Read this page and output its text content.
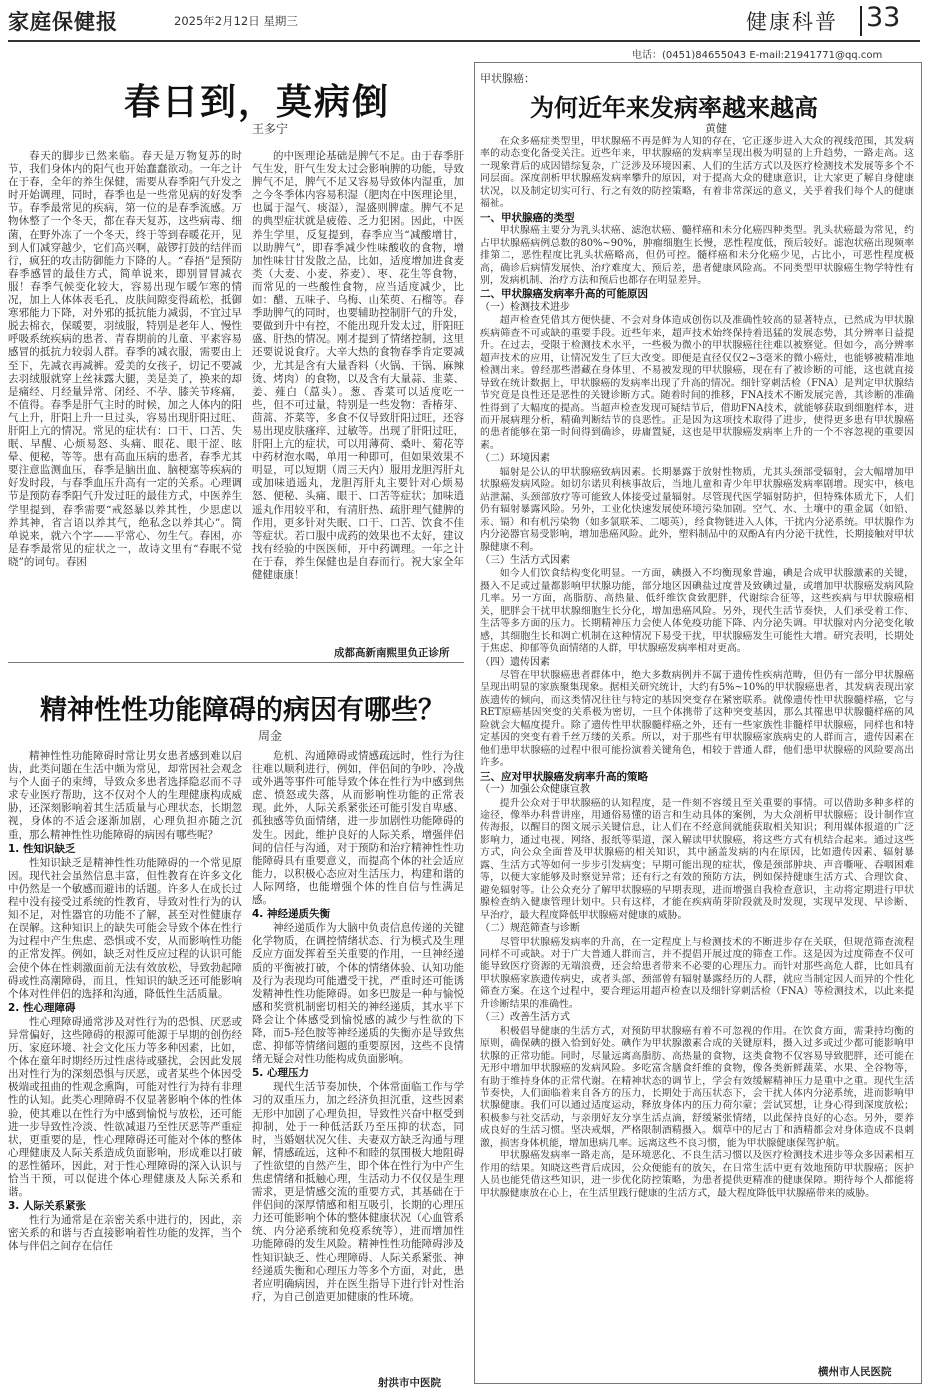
家庭保健报	2025年2月12日 星期三	健康科普 33
电话：(0451)84655043 E-mail:21941771@qq.com
春日到，莫病倒
王多宁

春天的脚步已然来临。春天是万物复苏的时节，我们身体内的阳气也开始蠢蠢欲动。一年之计在于春，全年的养生保健，需要从春季阳气升发之时开始调理，同时，春季也是一些常见病的好发季节。春季最常见的疾病，第一位的是春季流感。万物休整了一个冬天，都在春天复苏，这些病毒、细菌，在野外冻了一个冬天，终于等到春暖花开，见到人们减穿越少，它们高兴啊，敲锣打鼓的结伴而行，疯狂的攻击防御能力下降的人。“春捂”是预防春季感冒的最佳方式，简单说来，即别冒冒减衣服！春季气候变化较大，容易出现乍暖乍寒的情况，加上人体体表毛孔、皮肤间隙变得疏松，抵御寒邪能力下降，对外邪的抵抗能力减弱，不宜过早脱去棉衣，保暖要，羽绒服，特别是老年人、慢性呼吸系统疾病的患者、青春期前的儿童、平素容易感冒的抵抗力较弱人群。春季的减衣服，需要由上至下，先减衣再减裤。爱美的女孩子，切记不要减去羽绒服就穿上丝袜露大腿，美是美了，换来的却是痛经、月经量异常、闭经、不孕、膝关节疼痛，不值得。春季是肝气主时的时候，加之人体内的阳气上升，肝阳上升一旦过头，容易出现肝阳过旺、肝阳上亢的情况。常见的症状有：口干、口苦、失眠、早醒、心烦易怒、头痛、眼花、眼干涩、眩晕、便秘，等等。患有高血压病的患者，春季尤其要注意监测血压，春季是脑出血、脑梗塞等疾病的好发时段，与春季血压升高有一定的关系。心理调节是预防春季阳气升发过旺的最佳方式，中医养生学里提到，春季需要“戒怒暴以养其性，少思虑以养其神，省言语以养其气，绝私念以养其心”。简单说来，就六个字——平常心、勿生气。春困，亦是春季最常见的症状之一，故诗文里有“春眠不觉晓”的词句。春困

的中医理论基础是脾气不足。由于春季肝气生发，肝气生发太过会影响脾的功能，导致脾气不足，脾气不足又容易导致体内湿重，加之今冬季体内容易积湿（肥肉在中医理论里，也属于湿气、痰湿），湿盛则脾虚。脾气不足的典型症状就是疲倦、乏力犯困。因此，中医养生学里，反复提到，春季应当“减酸增甘，以助脾气”，即春季减少性味酸收的食物，增加性味甘甘发散之品，比如，适度增加进食麦类（大麦、小麦、荞麦）、枣、花生等食物，而常见的一些酸性食物，应当适度减少，比如：醋、五味子、乌梅、山茱萸、石榴等。春季助脾气的同时，也要辅助控制肝气的升发，要做到升中有控，不能出现升发太过，肝阳旺盛、肝热的情况。刚才提到了情绪控制，这里还要说说食疗。大辛大热的食物春季肯定要减少，尤其是含有大量香料（火锅、干锅、麻辣烫、烤肉）的食物，以及含有大量蒜、韭菜、姜、薤白（藠头）。葱、香菜可以适度吃一些，但不可过量，特别是一些发物：香椿芽、茴蒿、芥菜等，多食不仅导致肝阳过旺，还容易出现皮肤瘙痒、过敏等。出现了肝阳过旺，肝阳上亢的症状，可以用薄荷、桑叶、菊花等中药材泡水喝，单用一种即可，但如果效果不明显，可以短期（周三天内）服用龙胆泻肝丸或加味逍遥丸，龙胆泻肝丸主要针对心烦易怒、便秘、头痛、眼干、口苦等症状；加味逍遥丸作用较平和，有清肝热、疏肝理气健脾的作用，更多针对失眠、口干、口苦、饮食不佳等症状。若口服中成药的效果也不太好，建议找有经验的中医医师，开中药调理。一年之计在于春，养生保健也是自春而行。祝大家全年健健康康！

成都高新南熙里负正诊所
精神性性功能障碍的病因有哪些？
周金

精神性性功能障碍时常让男女患者感到难以启齿，此类问题在生活中颇为常见，却常因社会观念与个人面子的束缚，导致众多患者选择隐忍而不寻求专业医疗帮助，这不仅对个人的生理健康构成威胁，还深刻影响着其生活质量与心理状态，长期忽视，身体的不适会逐渐加剧，心理负担亦随之沉重，那么精神性性功能障碍的病因有哪些呢？

1. 性知识缺乏

性知识缺乏是精神性性功能障碍的一个常见原因。现代社会虽然信息丰富，但性教育在许多文化中仍然是一个敏感而避讳的话题。许多人在成长过程中没有接受过系统的性教育，导致对性行为的认知不足，对性器官的功能不了解，甚至对性健康存在误解。这种知识上的缺失可能会导致个体在性行为过程中产生焦虑、恐惧或不安，从而影响性功能的正常发挥。例如，缺乏对性反应过程的认识可能会使个体在性刺激面前无法有效放松，导致勃起障碍或性高潮障碍，而且，性知识的缺乏还可能影响个体对性伴侣的选择和沟通，降低性生活质量。

2. 性心理障碍

性心理障碍通常涉及对性行为的恐惧、厌恶或异常偏好，这些障碍的根源可能源于早期的创伤经历、家庭环境、社会文化压力等多种因素，比如，个体在童年时期经历过性虐待或骚扰，会因此发展出对性行为的深刻恐惧与厌恶，或者某些个体因受极端或扭曲的性观念熏陶，可能对性行为持有非理性的认知。此类心理障碍不仅显著影响个体的性体验，使其难以在性行为中感到愉悦与放松，还可能进一步导致性冷淡、性欲减退乃至性厌恶等严重症状，更重要的是，性心理障碍还可能对个体的整体心理健康及人际关系造成负面影响，形成难以打破的恶性循环，因此，对于性心理障碍的深入认识与恰当干预，可以促进个体心理健康及人际关系和谐。

3. 人际关系紧张

性行为通常是在亲密关系中进行的，因此，亲密关系的和谐与否直接影响着性功能的发挥，当个体与伴侣之间存在信任

危机、沟通障碍或情感疏远时，性行为往往难以顺利进行，例如，伴侣间的争吵、冷战或外遇等事件可能导致个体在性行为中感到焦虑、愤怒或失落，从而影响性功能的正常表现。此外，人际关系紧张还可能引发自卑感、孤独感等负面情绪，进一步加剧性功能障碍的发生。因此，维护良好的人际关系，增强伴侣间的信任与沟通，对于预防和治疗精神性性功能障碍具有重要意义，而提高个体的社会适应能力，以积极心态应对生活压力，构建和谐的人际网络，也能增强个体的性自信与性满足感。

4. 神经递质失衡

神经递质作为大脑中负责信息传递的关键化学物质，在调控情绪状态、行为模式及生理反应方面发挥着至关重要的作用，一旦神经递质的平衡被打破，个体的情绪体验、认知功能及行为表现均可能遭受干扰，严重时还可能诱发精神性性功能障碍。如多巴胺是一种与愉悦感和奖赏机制密切相关的神经递质，其水平下降会让个体感受到愉悦感的减少与性欲的下降，而5-羟色胺等神经递质的失衡亦是导致焦虑、抑郁等情绪问题的重要原因，这些不良情绪无疑会对性功能构成负面影响。

5. 心理压力

现代生活节奏加快，个体常面临工作与学习的双重压力，加之经济负担沉重，这些因素无形中加剧了心理负担，导致性兴奋中枢受到抑制，处于一种低活跃乃至压抑的状态，同时，当婚姻状况欠佳、夫妻双方缺乏沟通与理解，情感疏远，这种不和睦的氛围极大地阻碍了性欲望的自然产生，即个体在性行为中产生焦虑情绪和抵触心理，生活动力不仅仅是生理需求，更是情感交流的重要方式，其基础在于伴侣间的深厚情感和相互吸引，长期的心理压力还可能影响个体的整体健康状况（心血管系统、内分泌系统和免疫系统等），进而增加性功能障碍的发生风险。精神性性功能障碍涉及性知识缺乏、性心理障碍、人际关系紧张、神经递质失衡和心理压力等多个方面，对此，患者应明确病因，并在医生指导下进行针对性治疗，为自己创造更加健康的性环境。

射洪市中医院
甲状腺癌：
为何近年来发病率越来越高
黄健

在众多癌症类型里，甲状腺癌不再是鲜为人知的存在，它正逐步进入大众的视线范围，其发病率的动态变化备受关注。近些年来，甲状腺癌的发病率呈现出极为明显的上升趋势，一路走高。这一现象背后的成因错综复杂，广泛涉及环境因素、人们的生活方式以及医疗检测技术发展等多个不同层面。深度剖析甲状腺癌发病率攀升的原因，对于提高大众的健康意识，让大家更了解自身健康状况，以及制定切实可行、行之有效的防控策略，有着非常深远的意义，关乎着我们每个人的健康福祉。

一、甲状腺癌的类型

甲状腺癌主要分为乳头状癌、滤泡状癌、髓样癌和未分化癌四种类型。乳头状癌最为常见，约占甲状腺癌病例总数的80%~90%，肿瘤细胞生长慢，恶性程度低，预后较好。滤泡状癌出现频率排第二，恶性程度比乳头状癌略高，但仍可控。髓样癌和未分化癌少见，占比小，可恶性程度极高，确诊后病情发展快、治疗难度大、预后差，患者健康风险高。不同类型甲状腺癌生物学特性有别，发病机制、治疗方法和预后也都存在明显差异。

二、甲状腺癌发病率升高的可能原因
（一）检测技术进步

超声检查凭借其方便快捷、不会对身体造成创伤以及准确性较高的显著特点，已然成为甲状腺疾病筛查不可或缺的重要手段。近些年来，超声技术始终保持着迅猛的发展态势，其分辨率日益提升。在过去，受限于检测技术水平，一些极为微小的甲状腺癌往往难以被察觉。但如今，高分辨率超声技术的应用，让情况发生了巨大改变。即便是直径仅仅2~3毫米的微小癌灶，也能够被精准地检测出来。曾经那些潜藏在身体里、不易被发现的甲状腺癌，现在有了被诊断的可能，这也就直接导致在统计数据上，甲状腺癌的发病率出现了升高的情况。细针穿刺活检（FNA）是判定甲状腺结节究竟是良性还是恶性的关键诊断方式。随着时间的推移，FNA技术不断发展完善，其诊断的准确性得到了大幅度的提高。当超声检查发现可疑结节后，借助FNA技术，就能够获取到细胞样本，进而开展病理分析，精确判断结节的良恶性。正是因为这项技术取得了进步，使得更多患有甲状腺癌的患者能够在第一时间得到确诊，毋庸置疑，这也是甲状腺癌发病率上升的一个不容忽视的重要因素。

（二）环境因素

辐射是公认的甲状腺癌致病因素。长期暴露于放射性物质，尤其头颈部受辐射，会大幅增加甲状腺癌发病风险。如切尔诺贝利核事故后，当地儿童和青少年甲状腺癌发病率剧增。现实中，核电站泄漏、头颈部放疗等可能致人体接受过量辐射。尽管现代医学辐射防护，但特殊体质尤下，人们仍有辐射暴露风险。另外，工业化快速发展使环境污染加剧。空气、水、土壤中的重金属（如铅、汞、镉）和有机污染物（如多氯联苯、二噁英），经食物链进入人体，干扰内分泌系统。甲状腺作为内分泌器官易受影响，增加患癌风险。此外，塑料制品中的双酚A有内分泌干扰性，长期接触对甲状腺健康不利。

（三）生活方式因素

如今人们饮食结构变化明显。一方面，碘摄入不均衡现象普遍，碘是合成甲状腺激素的关键，摄入不足或过量都影响甲状腺功能，部分地区因碘盐过度普及致碘过量，或增加甲状腺癌发病风险几率。另一方面，高脂肪、高热量、低纤维饮食致肥胖，代谢综合征等，这些疾病与甲状腺癌相关，肥胖会干扰甲状腺细胞生长分化，增加患癌风险。另外，现代生活节奏快，人们承受着工作、生活等多方面的压力。长期精神压力会使人体免疫功能下降、内分泌失调。甲状腺对内分泌变化敏感，其细胞生长和凋亡机制在这种情况下易受干扰，甲状腺癌发生可能性大增。研究表明，长期处于焦虑、抑郁等负面情绪的人群，甲状腺癌发病率相对更高。

（四）遗传因素

尽管在甲状腺癌患者群体中，绝大多数病例并不属于遗传性疾病范畴，但仍有一部分甲状腺癌呈现出明显的家族聚集现象。据相关研究统计，大约有5%~10%的甲状腺癌患者，其发病表现出家族遗传的倾向，而这类情况往往与特定的基因突变存在紧密联系。就像遗传性甲状腺髓样癌，它与RET原癌基因突变的关系极为密切，一旦个体携带了这种突变基因，那么其罹患甲状腺髓样癌的风险就会大幅度提升。除了遗传性甲状腺髓样癌之外，还有一些家族性非髓样甲状腺癌，同样也和特定基因的突变有着千丝万缕的关系。所以，对于那些有甲状腺癌家族病史的人群而言，遗传因素在他们患甲状腺癌的过程中很可能扮演着关键角色，相较于普通人群，他们患甲状腺癌的风险要高出许多。

三、应对甲状腺癌发病率升高的策略
（一）加强公众健康宣教

提升公众对于甲状腺癌的认知程度，是一件刻不容缓且至关重要的事情。可以借助多种多样的途径，像举办科普讲座，用通俗易懂的语言和生动具体的案例，为大众剖析甲状腺癌；设计制作宣传海报，以醒目的图文展示关键信息，让人们在不经意间就能获取相关知识；利用媒体报道的广泛影响力，通过电视、网络、报纸等渠道，深入解读甲状腺癌，将这些方式有机结合起来。通过这些方式，向公众全面普及甲状腺癌的相关知识，其中涵盖发病的内在原因，比如遗传因素、辐射暴露、生活方式等如何一步步引发病变；早期可能出现的症状，像是颈部肿块、声音嘶哑、吞咽困难等，以便大家能够及时察觉异常；还有行之有效的预防方法，例如保持健康生活方式、合理饮食、避免辐射等。让公众充分了解甲状腺癌的早期表现，进而增强自我检查意识，主动将定期进行甲状腺检查纳入健康管理计划中。只有这样，才能在疾病萌芽阶段就及时发现，实现早发现、早诊断、早治疗，最大程度降低甲状腺癌对健康的威胁。

（二）规范筛查与诊断

尽管甲状腺癌发病率的升高，在一定程度上与检测技术的不断进步存在关联，但规范筛查流程同样不可或缺。对于广大普通人群而言，并不提倡开展过度的筛查工作。这是因为过度筛查不仅可能导致医疗资源的无端浪费，还会给患者带来不必要的心理压力。而针对那些高危人群，比如具有甲状腺癌家族遗传病史，或者头部、颈部曾有辐射暴露经历的人群，就应当制定因人而异的个性化筛查方案。在这个过程中，要合理运用超声检查以及细针穿刺活检（FNA）等检测技术，以此来提升诊断结果的准确性。

（三）改善生活方式

积极倡导健康的生活方式，对预防甲状腺癌有着不可忽视的作用。在饮食方面，需秉持均衡的原则，确保碘的摄入恰到好处。碘作为甲状腺激素合成的关键原料，摄入过多或过少都可能影响甲状腺的正常功能。同时，尽量远离高脂肪、高热量的食物，这类食物不仅容易导致肥胖，还可能在无形中增加甲状腺癌的发病风险。多吃富含膳食纤维的食物，像各类新鲜蔬菜、水果、全谷物等，有助于维持身体的正常代谢。在精神状态的调节上，学会有效缓解精神压力是重中之重。现代生活节奏快，人们面临着来自各方的压力，长期处于高压状态下，会干扰人体内分泌系统，进而影响甲状腺健康。我们可以通过适度运动，释放身体内的压力荷尔蒙；尝试冥想，让身心得到深度放松；积极参与社交活动，与亲朋好友分享生活点滴，舒缓紧张情绪，以此保持良好的心态。另外，要养成良好的生活习惯。坚决戒烟，严格限制酒精摄入。烟草中的尼古丁和酒精都会对身体造成不良刺激，损害身体机能，增加患病几率。远离这些不良习惯，能为甲状腺健康保驾护航。

甲状腺癌发病率一路走高，是环境恶化、不良生活习惯以及医疗检测技术进步等众多因素相互作用的结果。知晓这些背后成因，公众便能有的放矢，在日常生活中更有效地预防甲状腺癌；医护人员也能凭借这些知识，进一步优化防控策略，为患者提供更精准的健康保障。期待每个人都能将甲状腺健康放在心上，在生活里践行健康的生活方式，最大程度降低甲状腺癌带来的威胁。

横州市人民医院
